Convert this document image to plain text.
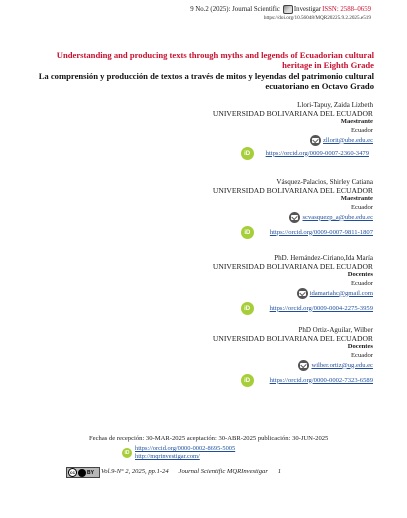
9 No.2 (2025): Journal Scientific Investigar ISSN: 2588–0659
https://doi.org/10.56048/MQR20225.9.2.2025.e519
Understanding and producing texts through myths and legends of Ecuadorian cultural heritage in Eighth Grade
La comprensión y producción de textos a través de mitos y leyendas del patrimonio cultural ecuatoriano en Octavo Grado
Llori-Tapuy, Zaida Lizbeth
UNIVERSIDAD BOLIVARIANA DEL ECUADOR
Maestrante
Ecuador
zllorit@ube.edu.ec
iD	https://orcid.org/0009-0007-2360-3479
Vásquez-Palacios, Shirley Catiana
UNIVERSIDAD BOLIVARIANA DEL ECUADOR
Maestrante
Ecuador
scvasquezp_a@ube.edu.ec
iD	https://orcid.org/0009-0007-9811-1807
PhD. Hernández-Ciriano,Ida María
UNIVERSIDAD BOLIVARIANA DEL ECUADOR
Docentes
Ecuador
idamariahc@gmail.com
iD	https://orcid.org/0009-0004-2275-3959
PhD Ortiz-Aguilar, Wilber
UNIVERSIDAD BOLIVARIANA DEL ECUADOR
Docentes
Ecuador
wilber.ortiz@ug.edu.ec
iD	https://orcid.org/0000-0002-7323-6589
Fechas de recepción: 30-MAR-2025 aceptación: 30-ABR-2025 publicación: 30-JUN-2025
iD
https://orcid.org/0000-0002-8695-5005
http://mqrinvestigar.com/
cc	BY Vol.9-N° 2, 2025, pp.1-24      Journal Scientific MQRInvestigar      1
